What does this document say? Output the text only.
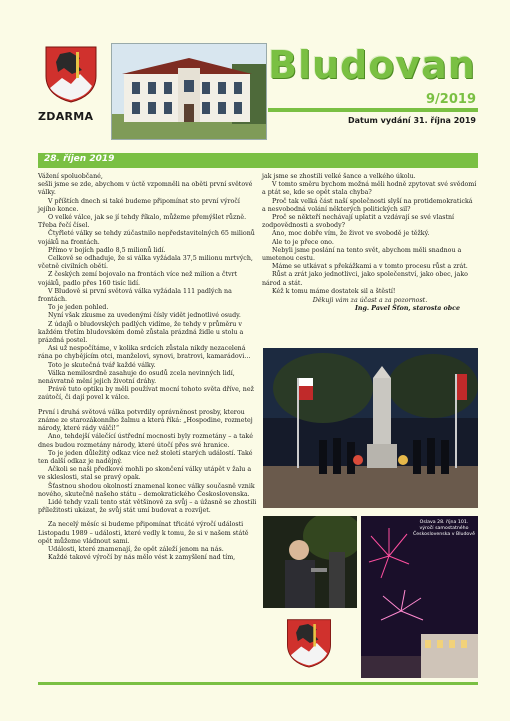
ZDARMA
Bludovan
9/2019
Datum vydání 31. října 2019
28. říjen 2019

Vážení spoluobčané,

sešli jsme se zde, abychom v úctě vzpomněli na oběti první světové války.

V příštích dnech si také budeme připomínat sto první výročí jejího konce.

O velké válce, jak se jí tehdy říkalo, můžeme přemýšlet různě. Třeba řečí čísel.

Čtyřleté války se tehdy zúčastnilo nepředstavitelných 65 milionů vojáků na frontách.

Přímo v bojích padlo 8,5 milionů lidí.

Celkově se odhaduje, že si válka vyžádala 37,5 milionu mrtvých, včetně civilních obětí.

Z českých zemí bojovalo na frontách více než milion a čtvrt vojáků, padlo přes 160 tisíc lidí.

V Bludově si první světová válka vyžádala 111 padlých na frontách.

To je jeden pohled.

Nyní však zkusme za uvedenými čísly vidět jednotlivé osudy.

Z údajů o bludovských padlých vidíme, že tehdy v průměru v každém třetím bludovském domě zůstala prázdná židle u stolu a prázdná postel.

Asi už nespočítáme, v kolika srdcích zůstala nikdy nezacelená rána po chybějícím otci, manželovi, synovi, bratrovi, kamarádovi…

Toto je skutečná tvář každé války.

Válka nemilosrdně zasahuje do osudů zcela nevinných lidí, nenávratně mění jejich životní dráhy.

Právě tuto optiku by měli používat mocní tohoto světa dříve, než zaútočí, či dají povel k válce.

První i druhá světová válka potvrdily oprávněnost prosby, kterou známe ze starozákonního žalmu a která říká: „Hospodine, rozmetej národy, které rády válčí!“

Ano, tehdejší válečící ústřední mocnosti byly rozmetány – a také dnes budou rozmetány národy, které útočí přes své hranice.

To je jeden důležitý odkaz více než století starých událostí. Také ten další odkaz je nadějný.

Ačkoli se naši předkové mohli po skončení války utápět v žalu a ve skleslosti, stal se pravý opak.

Šťastnou shodou okolností znamenal konec války současně vznik nového, skutečně našeho státu – demokratického Československa.

Lidé tehdy vzali tento stát většinově za svůj – a úžasně se zhostili příležitosti ukázat, že svůj stát umí budovat a rozvíjet.

Za necelý měsíc si budeme připomínat třicáté výročí události Listopadu 1989 – události, které vedly k tomu, že si v našem státě opět můžeme vládnout sami.

Události, které znamenají, že opět záleží jenom na nás.

Každé takové výročí by nás mělo vést k zamyšlení nad tím,

jak jsme se zhostili velké šance a velkého úkolu.

V tomto směru bychom možná měli hodně zpytovat své svědomí a ptát se, kde se opět stala chyba?

Proč tak velká část naší společnosti slyší na protidemokratická a nesvobodná volání některých politických sil?

Proč se někteří nechávají uplatit a vzdávají se své vlastní zodpovědnosti a svobody?

Ano, moc dobře vím, že život ve svobodě je těžký.

Ale to je přece ono.

Nebyli jsme poslání na tento svět, abychom měli snadnou a umetenou cestu.

Máme se utkávat s překážkami a v tomto procesu růst a zrát.

Růst a zrát jako jednotlivci, jako společenství, jako obec, jako národ a stát.

Kéž k tomu máme dostatek sil a štěstí!

Děkuji vám za účast a za pozornost.

Ing. Pavel Šťon, starosta obce

Oslava 28. října 101. výročí samostatného Československa v Bludově
